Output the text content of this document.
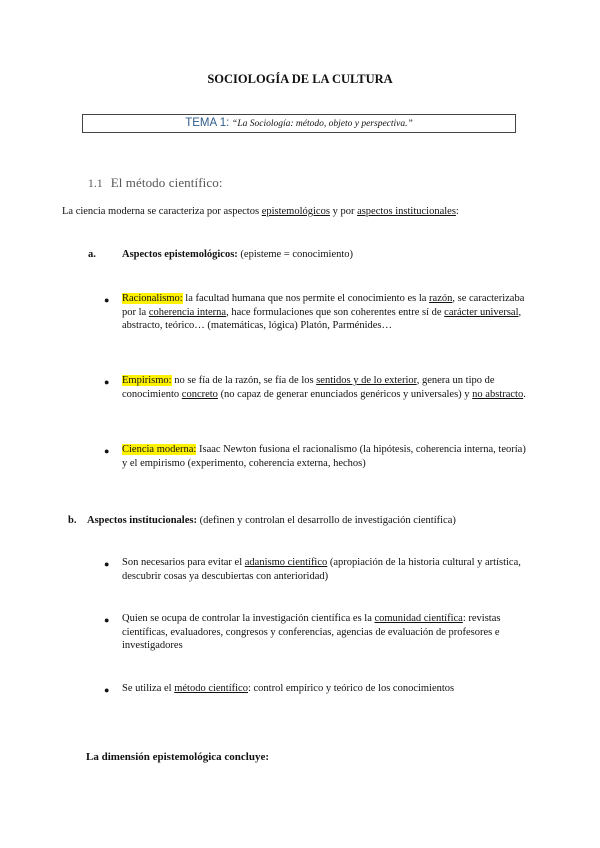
SOCIOLOGÍA DE LA CULTURA
TEMA 1: “La Sociología: método, objeto y perspectiva.”
1.1 El método científico:
La ciencia moderna se caracteriza por aspectos epistemológicos y por aspectos institucionales:
a. Aspectos epistemológicos: (episteme = conocimiento)
● Racionalismo: la facultad humana que nos permite el conocimiento es la razón, se caracterizaba por la coherencia interna, hace formulaciones que son coherentes entre sí de carácter universal, abstracto, teórico… (matemáticas, lógica) Platón, Parménides…
● Empirismo: no se fía de la razón, se fía de los sentidos y de lo exterior, genera un tipo de conocimiento concreto (no capaz de generar enunciados genéricos y universales) y no abstracto.
● Ciencia moderna: Isaac Newton fusiona el racionalismo (la hipótesis, coherencia interna, teoría) y el empirismo (experimento, coherencia externa, hechos)
b. Aspectos institucionales: (definen y controlan el desarrollo de investigación científica)
● Son necesarios para evitar el adanismo científico (apropiación de la historia cultural y artística, descubrir cosas ya descubiertas con anterioridad)
● Quien se ocupa de controlar la investigación científica es la comunidad científica: revistas científicas, evaluadores, congresos y conferencias, agencias de evaluación de profesores e investigadores
● Se utiliza el método científico: control empírico y teórico de los conocimientos
La dimensión epistemológica concluye:
